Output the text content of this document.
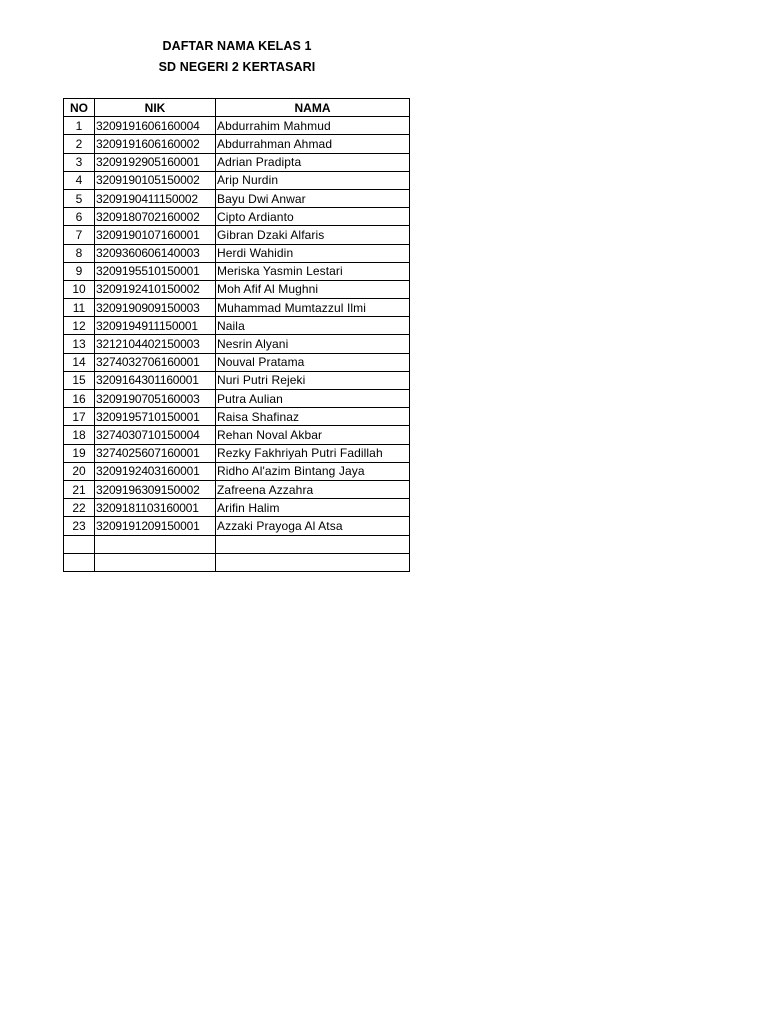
DAFTAR NAMA KELAS 1
SD NEGERI 2 KERTASARI
NO	NIK	NAMA
1	3209191606160004	Abdurrahim Mahmud
2	3209191606160002	Abdurrahman Ahmad
3	3209192905160001	Adrian Pradipta
4	3209190105150002	Arip Nurdin
5	3209190411150002	Bayu Dwi Anwar
6	3209180702160002	Cipto Ardianto
7	3209190107160001	Gibran Dzaki Alfaris
8	3209360606140003	Herdi Wahidin
9	3209195510150001	Meriska Yasmin Lestari
10	3209192410150002	Moh Afif Al Mughni
11	3209190909150003	Muhammad Mumtazzul Ilmi
12	3209194911150001	Naila
13	3212104402150003	Nesrin Alyani
14	3274032706160001	Nouval Pratama
15	3209164301160001	Nuri Putri Rejeki
16	3209190705160003	Putra Aulian
17	3209195710150001	Raisa Shafinaz
18	3274030710150004	Rehan Noval Akbar
19	3274025607160001	Rezky Fakhriyah Putri Fadillah
20	3209192403160001	Ridho Al'azim Bintang Jaya
21	3209196309150002	Zafreena Azzahra
22	3209181103160001	Arifin Halim
23	3209191209150001	Azzaki Prayoga Al Atsa
